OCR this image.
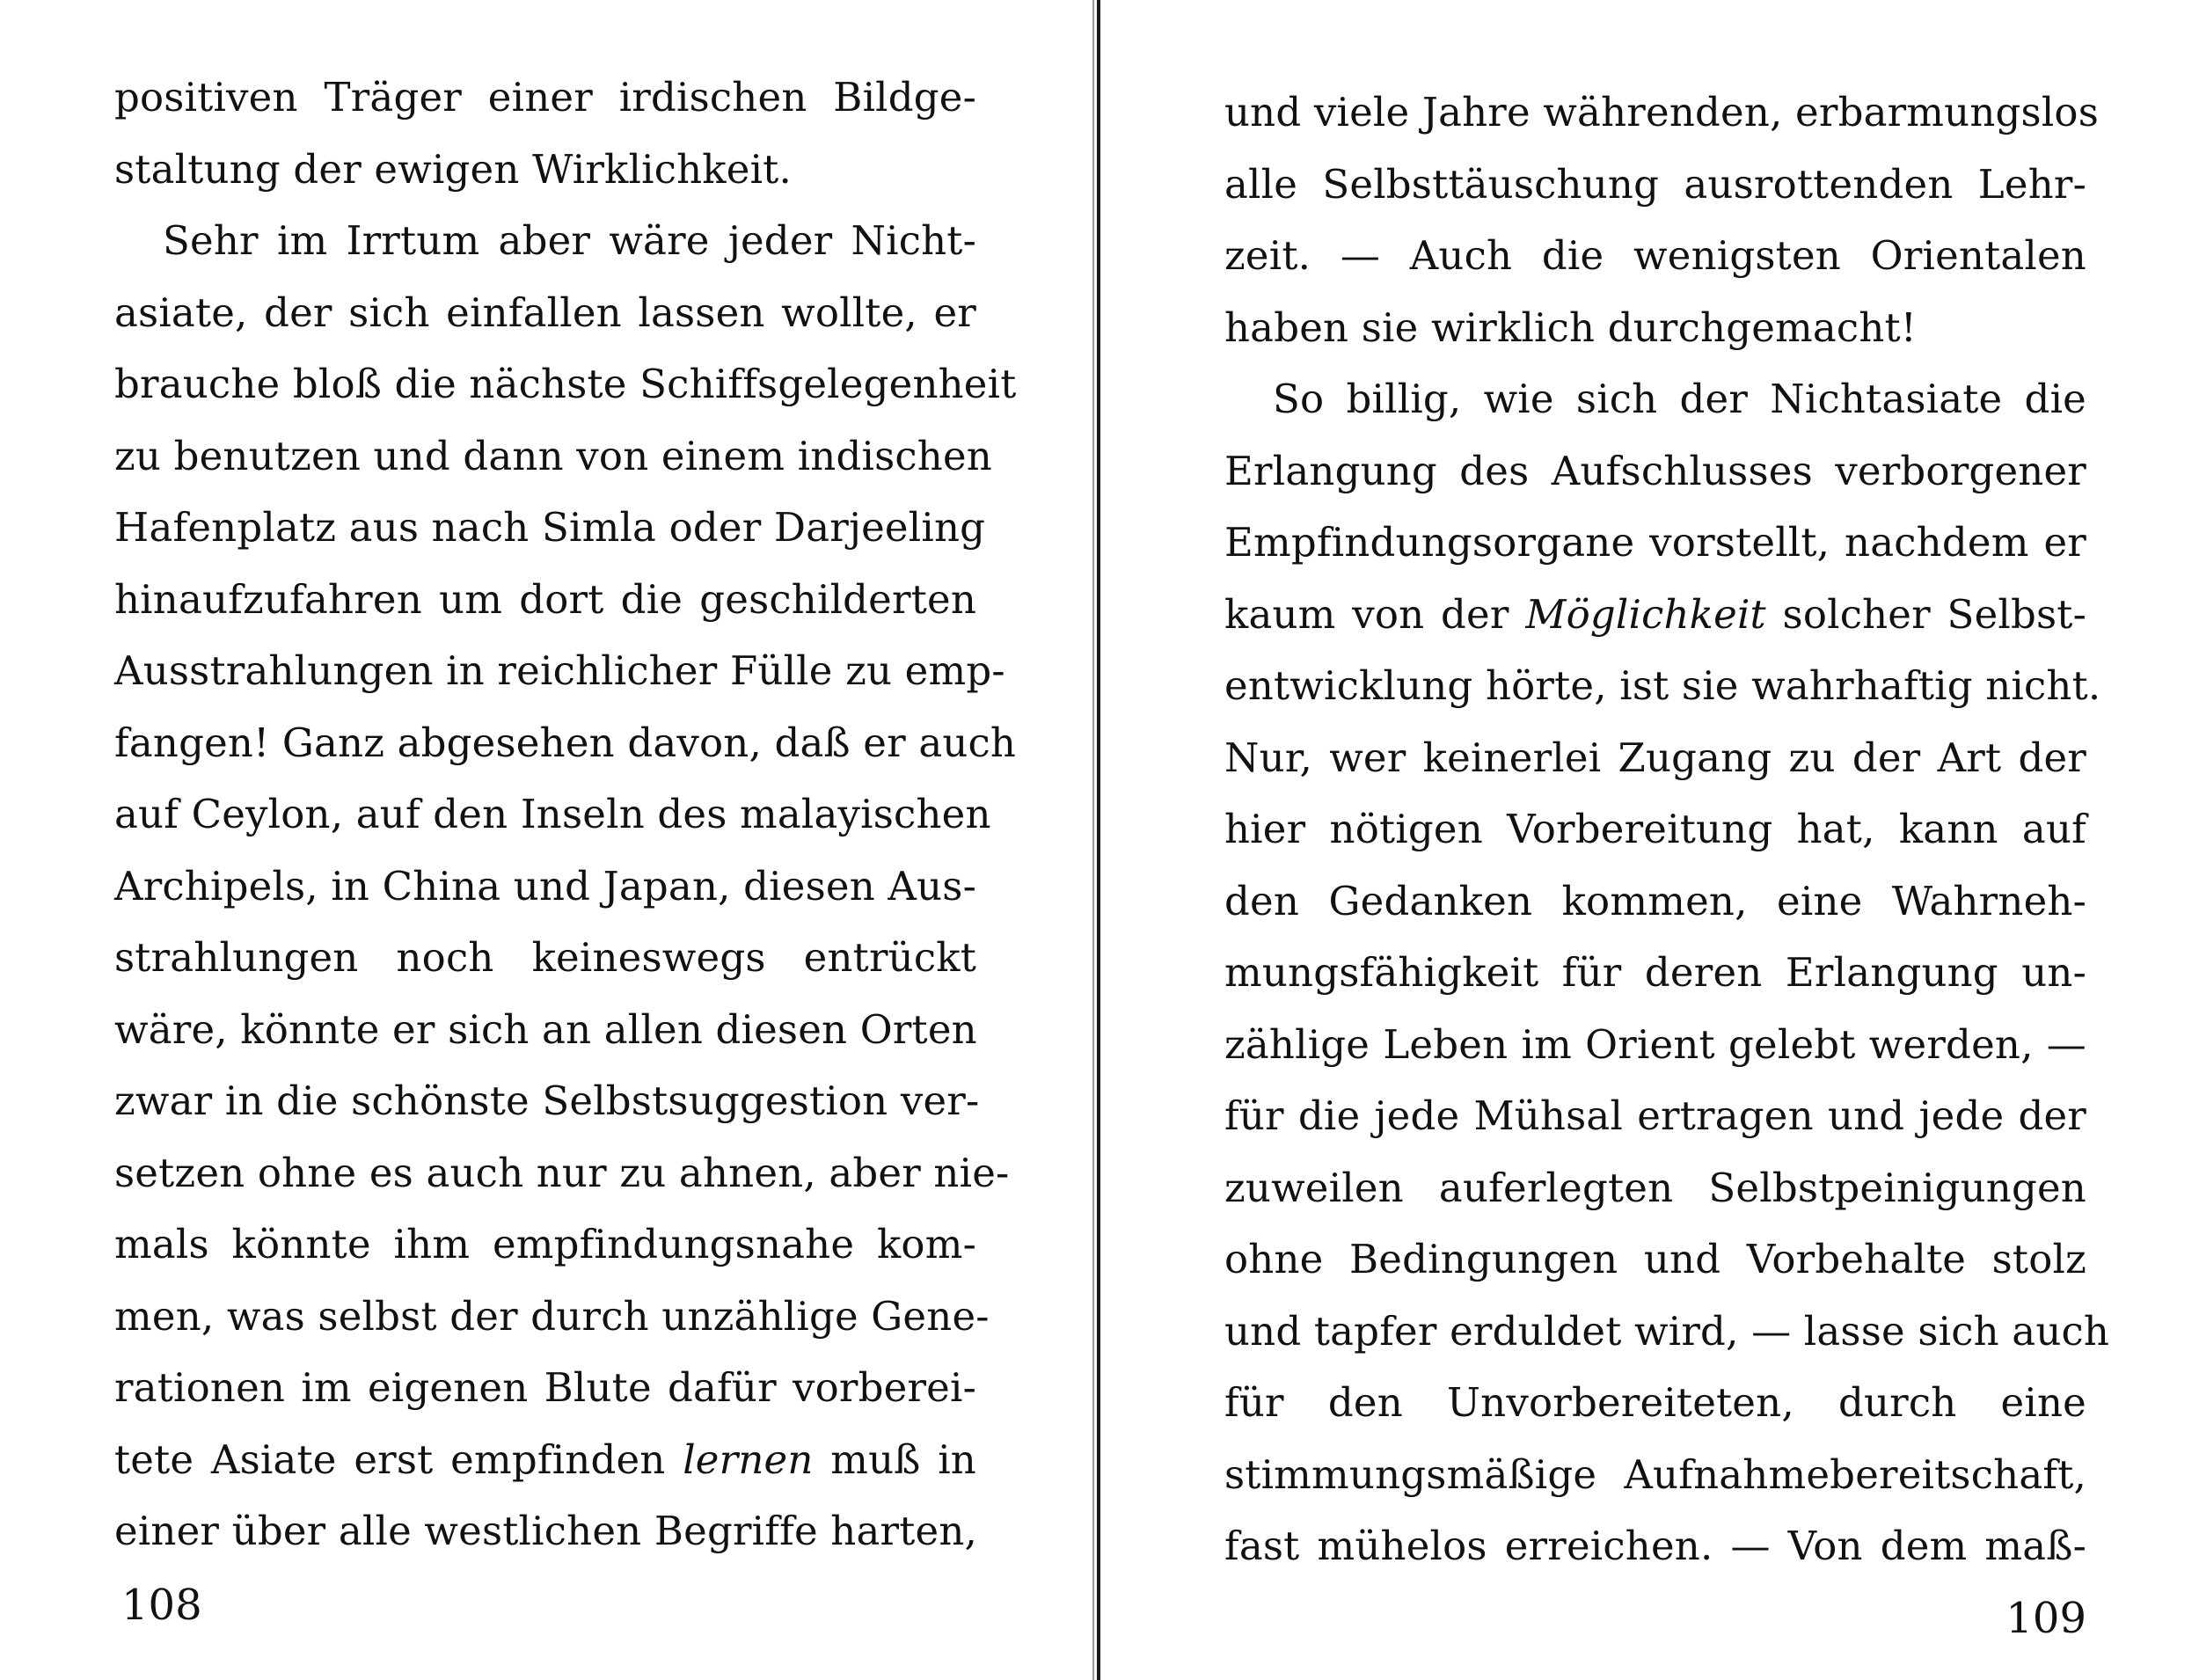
positiven Träger einer irdischen Bildge-
staltung der ewigen Wirklichkeit.
Sehr im Irrtum aber wäre jeder Nicht-
asiate, der sich einfallen lassen wollte, er
brauche bloß die nächste Schiffsgelegenheit
zu benutzen und dann von einem indischen
Hafenplatz aus nach Simla oder Darjeeling
hinaufzufahren um dort die geschilderten
Ausstrahlungen in reichlicher Fülle zu emp-
fangen! Ganz abgesehen davon, daß er auch
auf Ceylon, auf den Inseln des malayischen
Archipels, in China und Japan, diesen Aus-
strahlungen noch keineswegs entrückt
wäre, könnte er sich an allen diesen Orten
zwar in die schönste Selbstsuggestion ver-
setzen ohne es auch nur zu ahnen, aber nie-
mals könnte ihm empfindungsnahe kom-
men, was selbst der durch unzählige Gene-
rationen im eigenen Blute dafür vorberei-
tete Asiate erst empfinden lernen muß in
einer über alle westlichen Begriffe harten,
108
und viele Jahre währenden, erbarmungslos
alle Selbsttäuschung ausrottenden Lehr-
zeit. — Auch die wenigsten Orientalen
haben sie wirklich durchgemacht!
So billig, wie sich der Nichtasiate die
Erlangung des Aufschlusses verborgener
Empfindungsorgane vorstellt, nachdem er
kaum von der Möglichkeit solcher Selbst-
entwicklung hörte, ist sie wahrhaftig nicht.
Nur, wer keinerlei Zugang zu der Art der
hier nötigen Vorbereitung hat, kann auf
den Gedanken kommen, eine Wahrneh-
mungsfähigkeit für deren Erlangung un-
zählige Leben im Orient gelebt werden, —
für die jede Mühsal ertragen und jede der
zuweilen auferlegten Selbstpeinigungen
ohne Bedingungen und Vorbehalte stolz
und tapfer erduldet wird, — lasse sich auch
für den Unvorbereiteten, durch eine
stimmungsmäßige Aufnahmebereitschaft,
fast mühelos erreichen. — Von dem maß-
109
